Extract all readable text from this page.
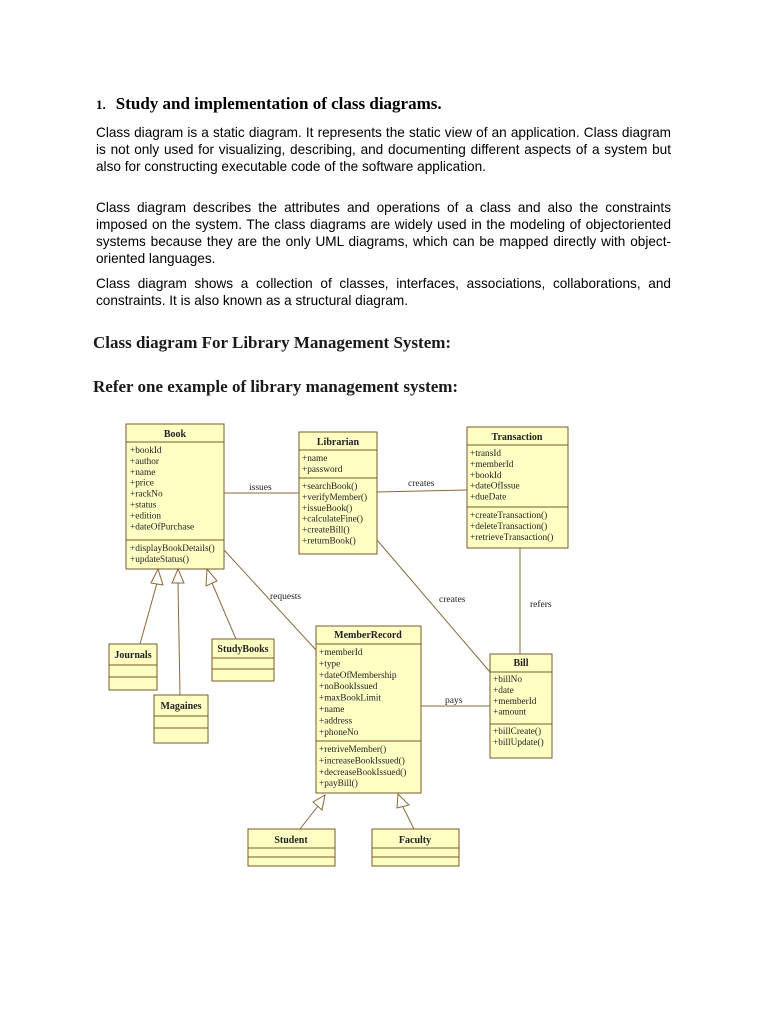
1. Study and implementation of class diagrams.

Class diagram is a static diagram. It represents the static view of an application. Class diagram is not only used for visualizing, describing, and documenting different aspects of a system but also for constructing executable code of the software application.

Class diagram describes the attributes and operations of a class and also the constraints imposed on the system. The class diagrams are widely used in the modeling of objectoriented systems because they are the only UML diagrams, which can be mapped directly with object-oriented languages.

Class diagram shows a collection of classes, interfaces, associations, collaborations, and constraints. It is also known as a structural diagram.

Class diagram For Library Management System:
Refer one example of library management system:
Book
Librarian	Transaction
MemberRecord
Bill
Journals
Magaines
StudyBooks
Student	Faculty
+bookId
+author
+name
+price
+rackNo
+status
+edition
+dateOfPurchase
+displayBookDetails()
+updateStatus()
+name
+password
+searchBook()
+verifyMember()
+issueBook()
+calculateFine()
+createBill()
+returnBook()
+transId
+memberId
+bookId
+dateOfIssue
+dueDate
+createTransaction()
+deleteTransaction()
+retrieveTransaction()
+memberId
+type
+dateOfMembership
+noBookIssued
+maxBookLimit
+name
+address
+phoneNo
+retriveMember()
+increaseBookIssued()
+decreaseBookIssued()
+payBill()
+billNo
+date
+memberId
+amount
+billCreate()
+billUpdate()
issues	creates
requests	creates	refers
pays
